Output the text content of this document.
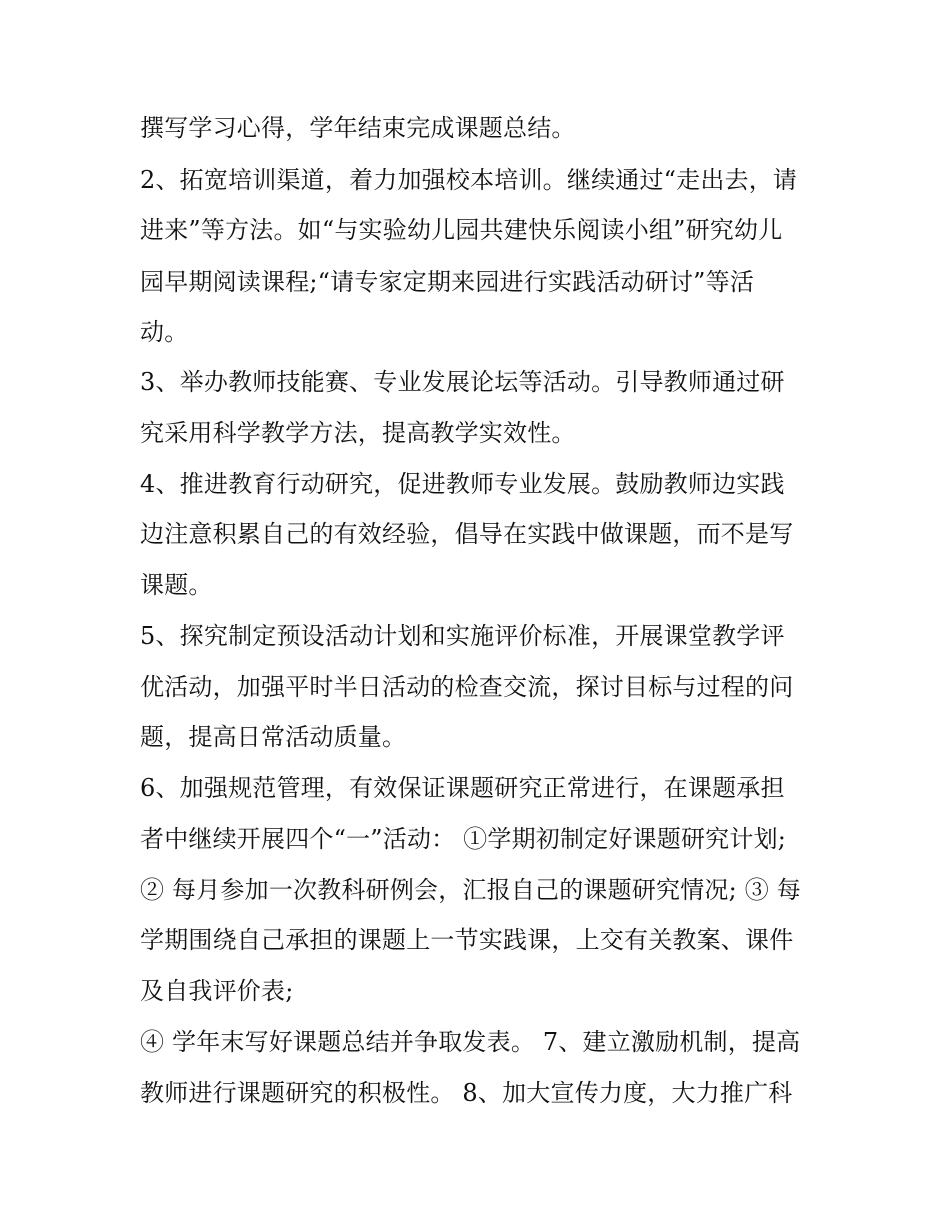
撰写学习心得，学年结束完成课题总结。
2、拓宽培训渠道，着力加强校本培训。继续通过“走出去，请
进来”等方法。如“与实验幼儿园共建快乐阅读小组”研究幼儿
园早期阅读课程;“请专家定期来园进行实践活动研讨”等活
动。
3、举办教师技能赛、专业发展论坛等活动。引导教师通过研
究采用科学教学方法，提高教学实效性。
4、推进教育行动研究，促进教师专业发展。鼓励教师边实践
边注意积累自己的有效经验，倡导在实践中做课题，而不是写
课题。
5、探究制定预设活动计划和实施评价标准，开展课堂教学评
优活动，加强平时半日活动的检查交流，探讨目标与过程的问
题，提高日常活动质量。
6、加强规范管理，有效保证课题研究正常进行，在课题承担
者中继续开展四个“一”活动： ①学期初制定好课题研究计划;
② 每月参加一次教科研例会，汇报自己的课题研究情况; ③ 每
学期围绕自己承担的课题上一节实践课，上交有关教案、课件
及自我评价表;
④ 学年末写好课题总结并争取发表。 7、建立激励机制，提高
教师进行课题研究的积极性。 8、加大宣传力度，大力推广科
